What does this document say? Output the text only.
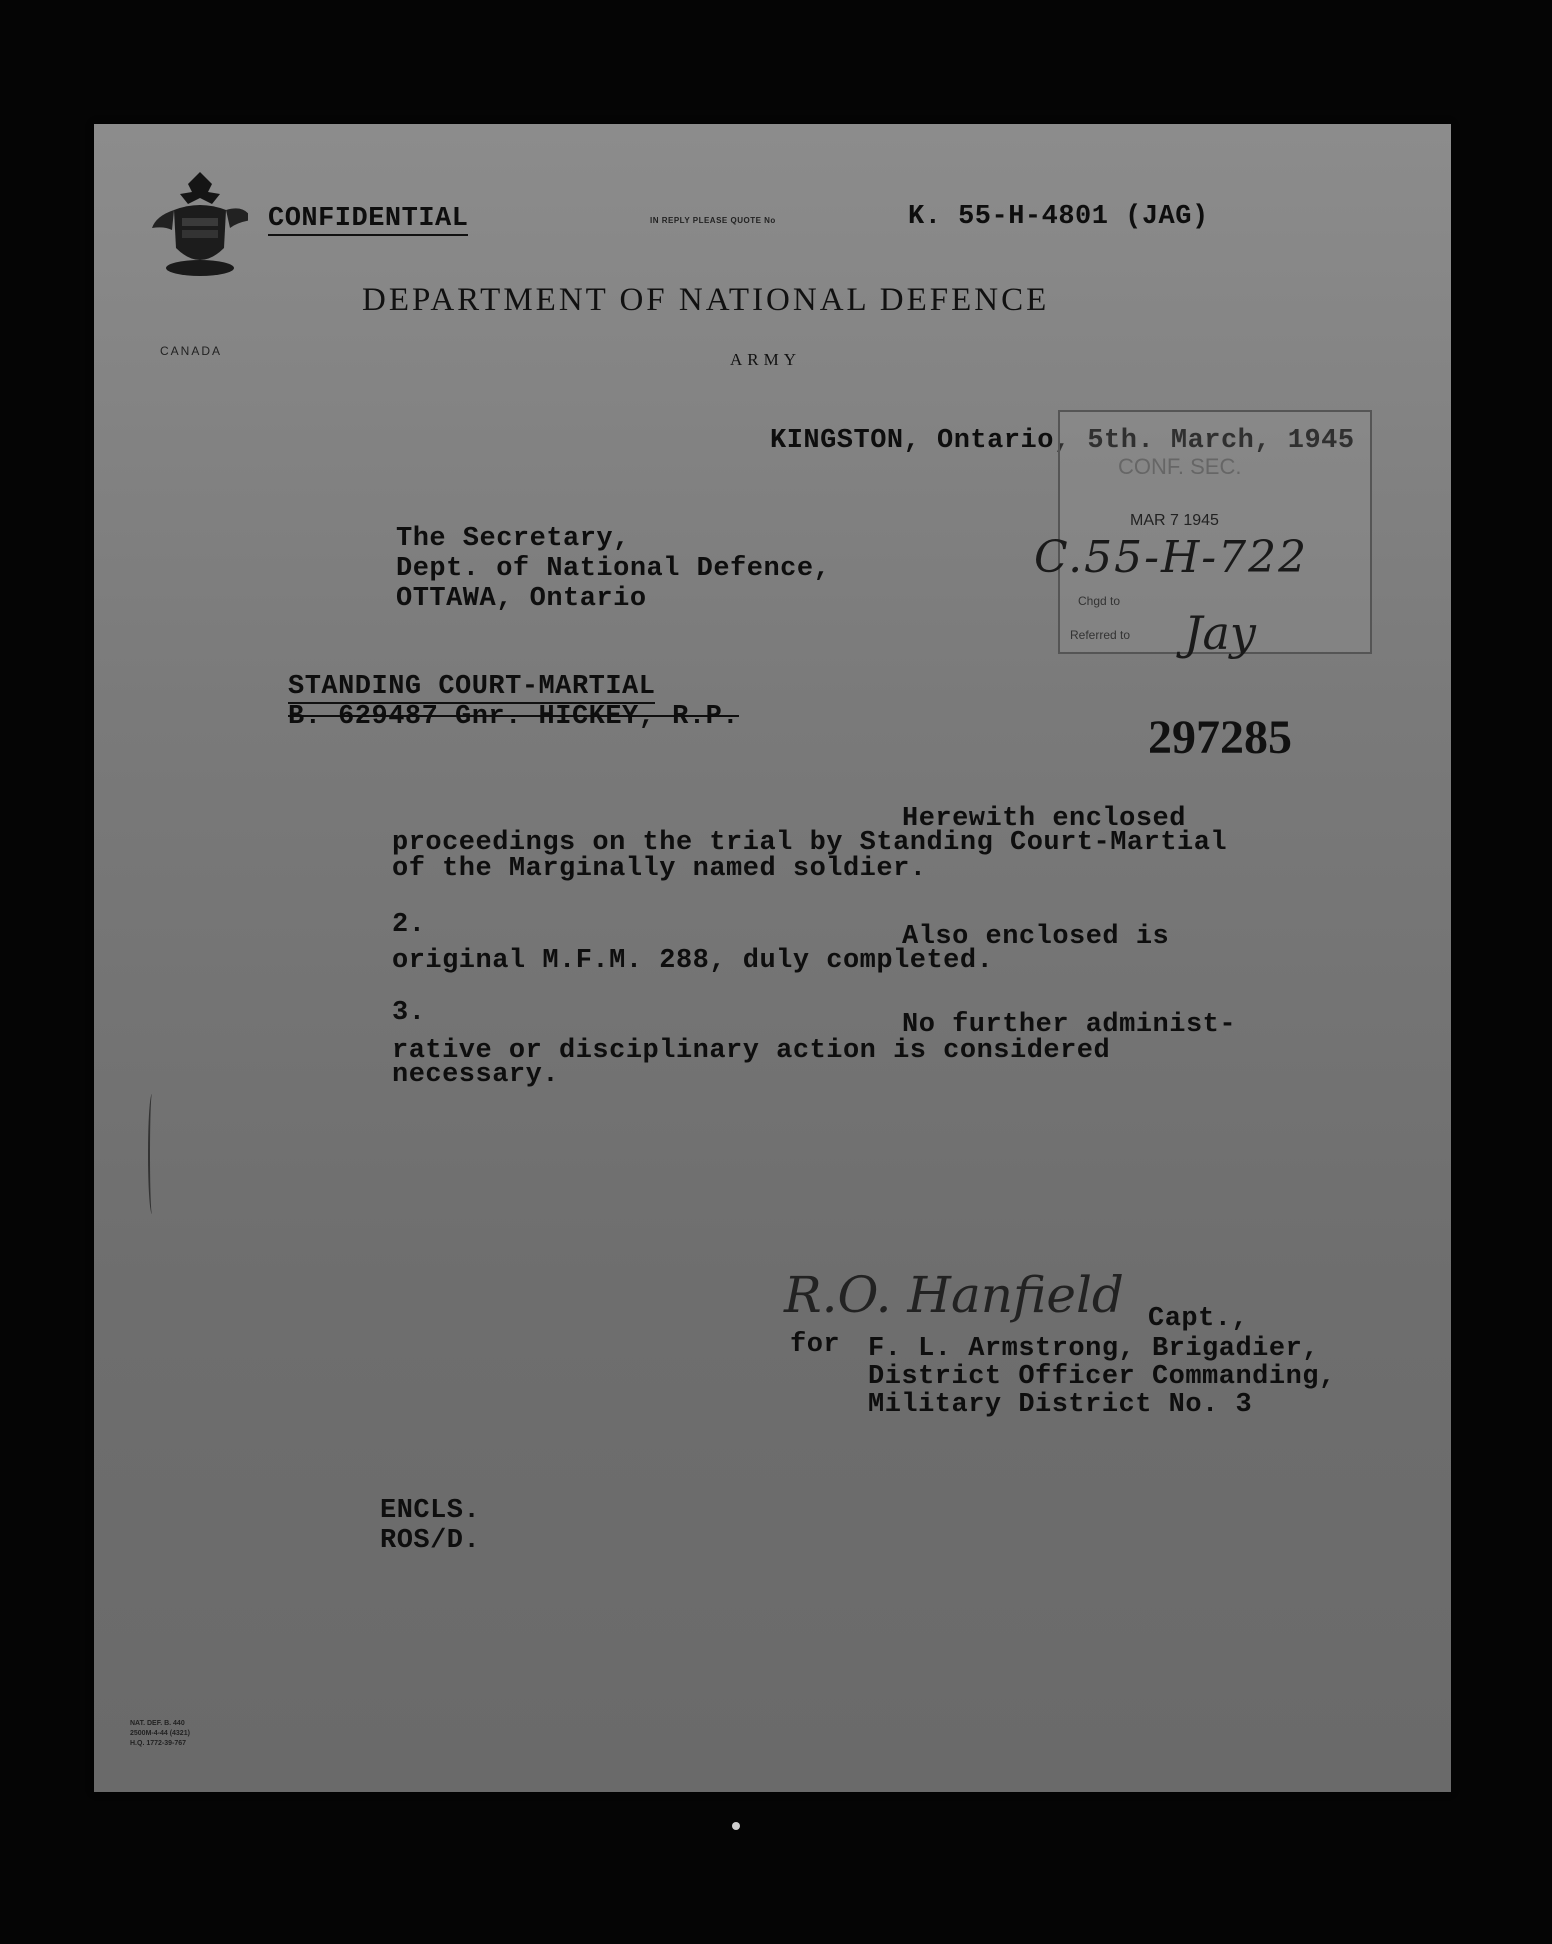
CANADA
CONFIDENTIAL	IN REPLY PLEASE QUOTE No	K. 55-H-4801 (JAG)
DEPARTMENT OF NATIONAL DEFENCE
ARMY
KINGSTON, Ontario, 5th. March, 1945
CONF. SEC.
MAR 7 1945
C.55-H-722
Chgd to
Referred to Jay
The Secretary,
Dept. of National Defence,
OTTAWA, Ontario
STANDING COURT-MARTIAL
B. 629487 Gnr. HICKEY, R.P.	297285
Herewith enclosed
proceedings on the trial by Standing Court-Martial
of the Marginally named soldier.
2.	Also enclosed is
original M.F.M. 288, duly completed.
3.	No further administ-
rative or disciplinary action is considered
necessary.
R.O. Hanfield Capt.,
for F. L. Armstrong, Brigadier,
District Officer Commanding,
Military District No. 3
ENCLS.
ROS/D.
NAT. DEF. B. 440
2500M-4-44 (4321)
H.Q. 1772-39-767
